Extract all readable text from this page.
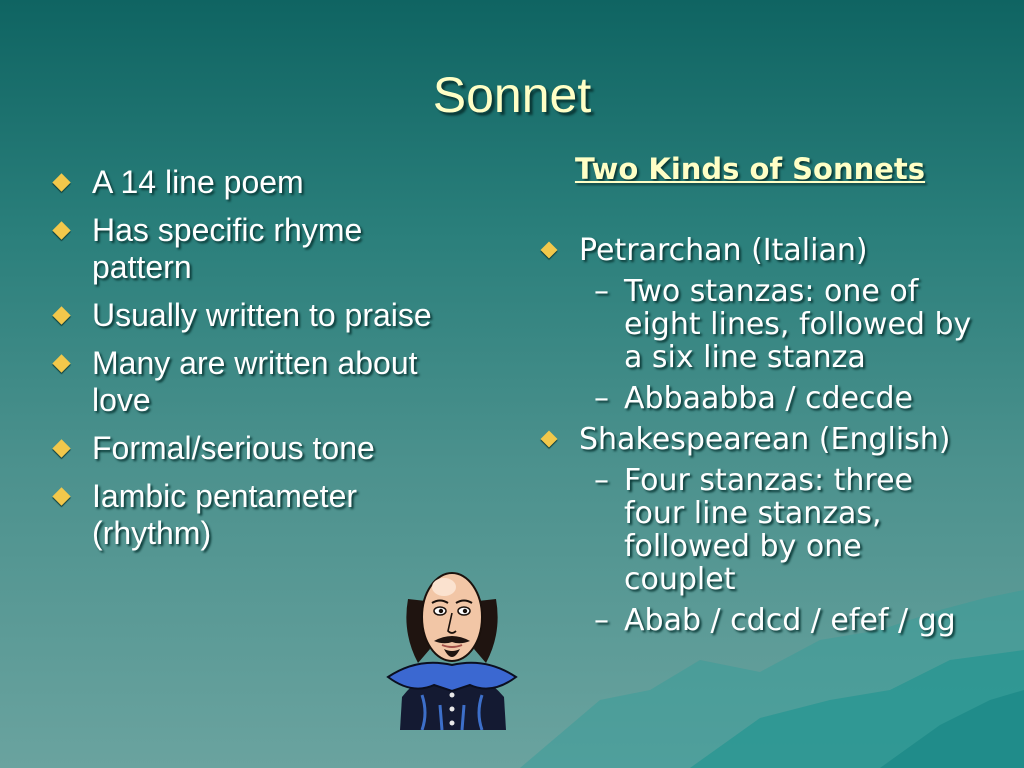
Sonnet
A 14 line poem
Has specific rhyme pattern
Usually written to praise
Many are written about love
Formal/serious tone
Iambic pentameter (rhythm)
Two Kinds of Sonnets
Petrarchan (Italian)
– Two stanzas: one of eight lines, followed by a six line stanza
– Abbaabba / cdecde
Shakespearean (English)
– Four stanzas: three four line stanzas, followed by one couplet
– Abab / cdcd / efef / gg
